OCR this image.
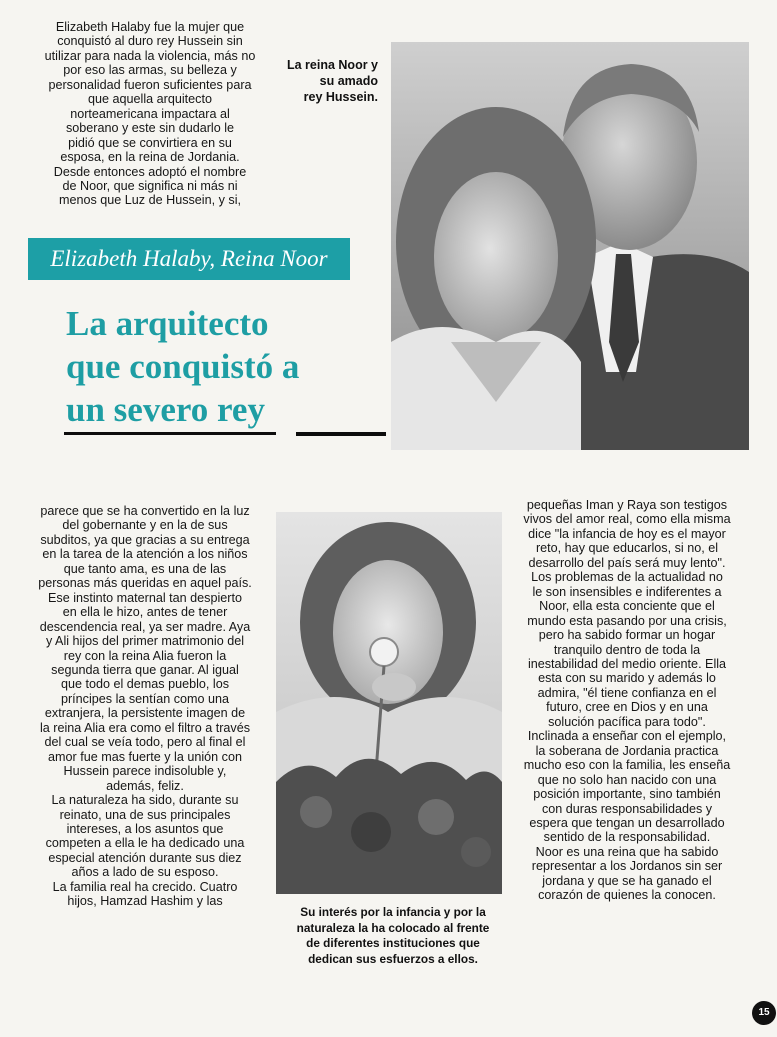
Elizabeth Halaby fue la mujer que

conquistó al duro rey Hussein sin

utilizar para nada la violencia, más no

por eso las armas, su belleza y

personalidad fueron suficientes para

que aquella arquitecto

norteamericana impactara al

soberano y este sin dudarlo le

pidió que se convirtiera en su

esposa, en la reina de Jordania.

Desde entonces adoptó el nombre

de Noor, que significa ni más ni

menos que Luz de Hussein, y si,

La reina Noor y
su amado
rey Hussein.
Elizabeth Halaby, Reina Noor
La arquitecto
que conquistó a
un severo rey

parece que se ha convertido en la luz

del gobernante y en la de sus

subditos, ya que gracias a su entrega

en la tarea de la atención a los niños

que tanto ama, es una de las

personas más queridas en aquel país.

Ese instinto maternal tan despierto

en ella le hizo, antes de tener

descendencia real, ya ser madre. Aya

y Ali hijos del primer matrimonio del

rey con la reina Alia fueron la

segunda tierra que ganar. Al igual

que todo el demas pueblo, los

príncipes la sentían como una

extranjera, la persistente imagen de

la reina Alia era como el filtro a través

del cual se veía todo, pero al final el

amor fue mas fuerte y la unión con

Hussein parece indisoluble y,

además, feliz.

La naturaleza ha sido, durante su

reinato, una de sus principales

intereses, a los asuntos que

competen a ella le ha dedicado una

especial atención durante sus diez

años a lado de su esposo.

La familia real ha crecido. Cuatro

hijos, Hamzad Hashim y las

Su interés por la infancia y por la
naturaleza la ha colocado al frente
de diferentes instituciones que
dedican sus esfuerzos a ellos.

pequeñas Iman y Raya son testigos

vivos del amor real, como ella misma

dice "la infancia de hoy es el mayor

reto, hay que educarlos, si no, el

desarrollo del país será muy lento".

Los problemas de la actualidad no

le son insensibles e indiferentes a

Noor, ella esta conciente que el

mundo esta pasando por una crisis,

pero ha sabido formar un hogar

tranquilo dentro de toda la

inestabilidad del medio oriente. Ella

esta con su marido y además lo

admira, "él tiene confianza en el

futuro, cree en Dios y en una

solución pacífica para todo".

Inclinada a enseñar con el ejemplo,

la soberana de Jordania practica

mucho eso con la familia, les enseña

que no solo han nacido con una

posición importante, sino también

con duras responsabilidades y

espera que tengan un desarrollado

sentido de la responsabilidad.

Noor es una reina que ha sabido

representar a los Jordanos sin ser

jordana y que se ha ganado el

corazón de quienes la conocen.

15
